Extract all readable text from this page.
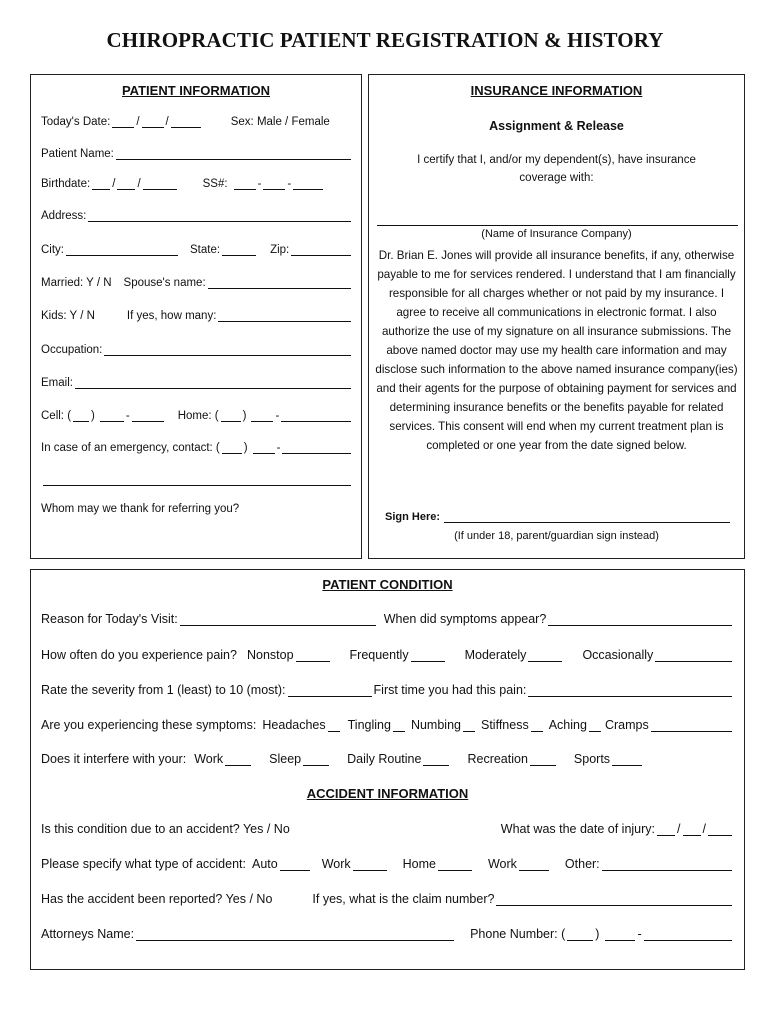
CHIROPRACTIC PATIENT REGISTRATION & HISTORY
PATIENT INFORMATION
Today's Date: / /	Sex: Male / Female
Patient Name:
Birthdate: / /	SS#:	- -
Address:
City:	State:	Zip:
Married: Y / N Spouse's name:
Kids: Y / N	If yes, how many:
Occupation:
Email:
Cell: ( )	-	Home: ( )	-
In case of an emergency, contact: ( )	-
Whom may we thank for referring you?
INSURANCE INFORMATION
Assignment & Release
I certify that I, and/or my dependent(s), have insurance coverage with:
(Name of Insurance Company)
Dr. Brian E. Jones will provide all insurance benefits, if any, otherwise payable to me for services rendered. I understand that I am financially responsible for all charges whether or not paid by my insurance. I agree to receive all communications in electronic format. I also authorize the use of my signature on all insurance submissions. The above named doctor may use my health care information and may disclose such information to the above named insurance company(ies) and their agents for the purpose of obtaining payment for services and determining insurance benefits or the benefits payable for related services. This consent will end when my current treatment plan is completed or one year from the date signed below.
Sign Here:
(If under 18, parent/guardian sign instead)
PATIENT CONDITION
Reason for Today's Visit:	When did symptoms appear?
How often do you experience pain? Nonstop	Frequently	Moderately	Occasionally
Rate the severity from 1 (least) to 10 (most):	First time you had this pain:
Are you experiencing these symptoms: Headaches Tingling Numbing Stiffness Aching Cramps
Does it interfere with your: Work	Sleep	Daily Routine	Recreation	Sports
ACCIDENT INFORMATION
Is this condition due to an accident? Yes / No	What was the date of injury: / /
Please specify what type of accident: Auto	Work	Home	Work	Other:
Has the accident been reported? Yes / No	If yes, what is the claim number?
Attorneys Name:	Phone Number: ( )	-
